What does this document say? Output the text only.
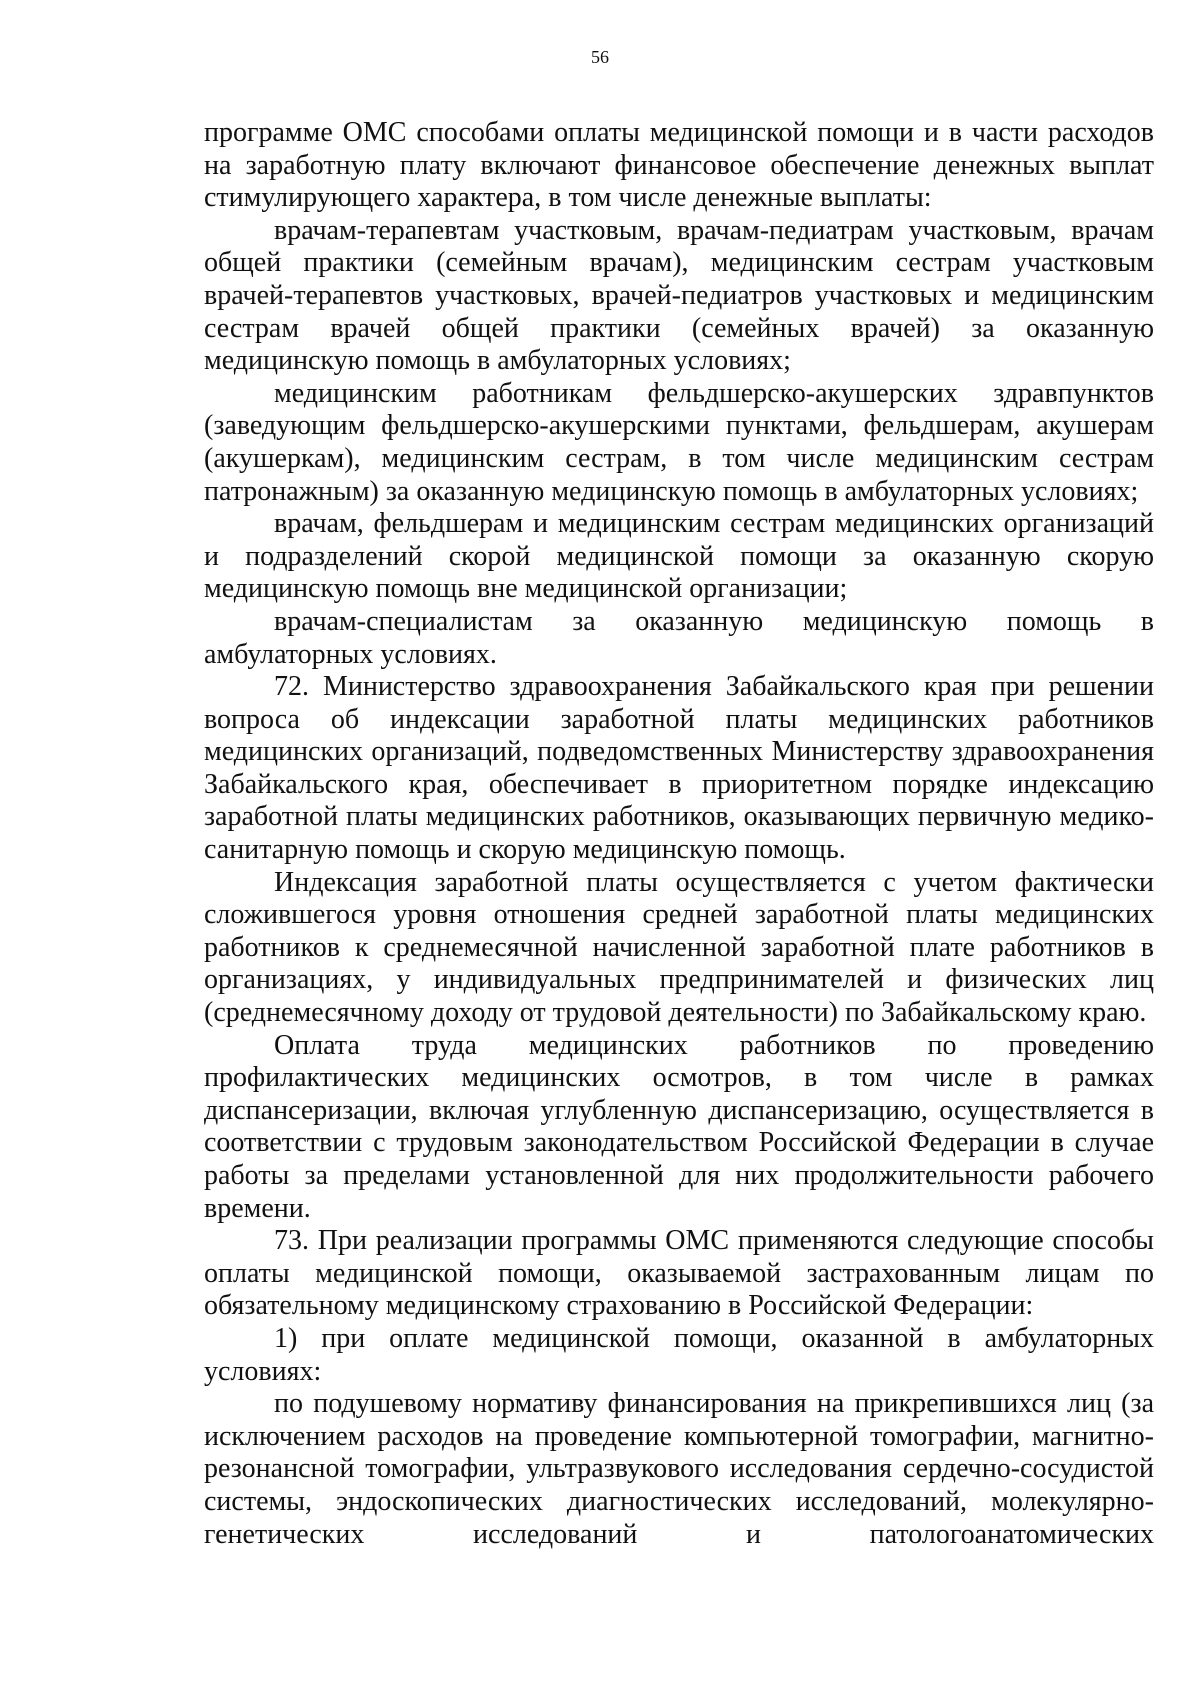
56

программе ОМС способами оплаты медицинской помощи и в части расходов на заработную плату включают финансовое обеспечение денежных выплат стимулирующего характера, в том числе денежные выплаты:

врачам-терапевтам участковым, врачам-педиатрам участковым, врачам общей практики (семейным врачам), медицинским сестрам участковым врачей-терапевтов участковых, врачей-педиатров участковых и медицинским сестрам врачей общей практики (семейных врачей) за оказанную медицинскую помощь в амбулаторных условиях;

медицинским работникам фельдшерско-акушерских здравпунктов (заведующим фельдшерско-акушерскими пунктами, фельдшерам, акушерам (акушеркам), медицинским сестрам, в том числе медицинским сестрам патронажным) за оказанную медицинскую помощь в амбулаторных условиях;

врачам, фельдшерам и медицинским сестрам медицинских организаций и подразделений скорой медицинской помощи за оказанную скорую медицинскую помощь вне медицинской организации;

врачам-специалистам за оказанную медицинскую помощь в амбулаторных условиях.

72. Министерство здравоохранения Забайкальского края при решении вопроса об индексации заработной платы медицинских работников медицинских организаций, подведомственных Министерству здравоохранения Забайкальского края, обеспечивает в приоритетном порядке индексацию заработной платы медицинских работников, оказывающих первичную медико-санитарную помощь и скорую медицинскую помощь.

Индексация заработной платы осуществляется с учетом фактически сложившегося уровня отношения средней заработной платы медицинских работников к среднемесячной начисленной заработной плате работников в организациях, у индивидуальных предпринимателей и физических лиц (среднемесячному доходу от трудовой деятельности) по Забайкальскому краю.

Оплата труда медицинских работников по проведению профилактических медицинских осмотров, в том числе в рамках диспансеризации, включая углубленную диспансеризацию, осуществляется в соответствии с трудовым законодательством Российской Федерации в случае работы за пределами установленной для них продолжительности рабочего времени.

73. При реализации программы ОМС применяются следующие способы оплаты медицинской помощи, оказываемой застрахованным лицам по обязательному медицинскому страхованию в Российской Федерации:

1) при оплате медицинской помощи, оказанной в амбулаторных условиях:

по подушевому нормативу финансирования на прикрепившихся лиц (за исключением расходов на проведение компьютерной томографии, магнитно-резонансной томографии, ультразвукового исследования сердечно-сосудистой системы, эндоскопических диагностических исследований, молекулярно-генетических исследований и патологоанатомических
